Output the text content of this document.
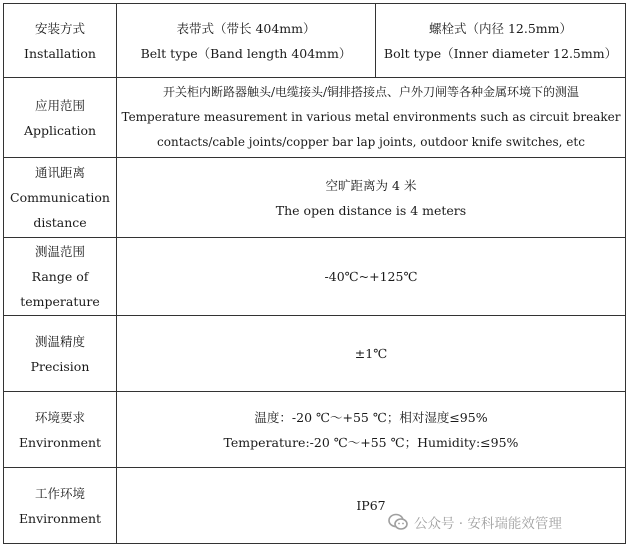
安装方式
Installation	表带式（带长 404mm）
Belt type（Band length 404mm）	螺栓式（内径 12.5mm）
Bolt type（Inner diameter 12.5mm）

应用范围
Application	开关柜内断路器触头/电缆接头/铜排搭接点、户外刀闸等各种金属环境下的测温
Temperature measurement in various metal environments such as circuit breaker
contacts/cable joints/copper bar lap joints, outdoor knife switches, etc	

通讯距离
Communication
distance	空旷距离为 4 米
The open distance is 4 meters	

测温范围
Range of
temperature	-40℃~+125℃	

测温精度
Precision	±1℃	

环境要求
Environment	温度：-20 ℃～+55 ℃；相对湿度≤95%
Temperature:-20 ℃～+55 ℃；Humidity:≤95%	

工作环境
Environment	IP67	
公众号 · 安科瑞能效管理
